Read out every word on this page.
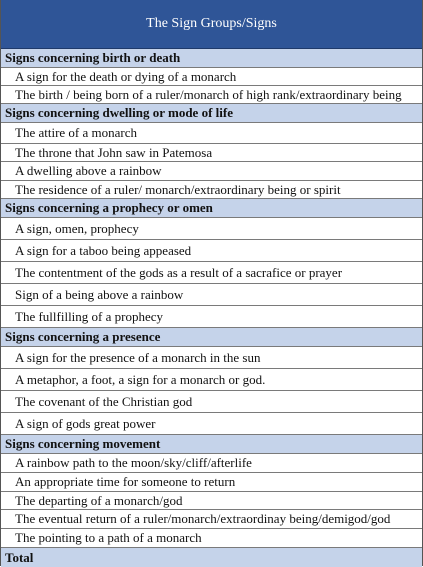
The Sign Groups/Signs
Signs concerning birth or death
A sign for the death or dying of a monarch
The birth / being born of a ruler/monarch of high rank/extraordinary being
Signs concerning dwelling or mode of life
The attire of a monarch
The throne that John saw in Patemosa
A dwelling above a rainbow
The residence of a ruler/ monarch/extraordinary being or spirit
Signs concerning a prophecy or omen
A sign, omen, prophecy
A sign for a taboo being appeased
The contentment of the gods as a result of a sacrafice or prayer
Sign of a being above a rainbow
The fullfilling of a prophecy
Signs concerning a presence
A sign for the presence of a monarch in the sun
A metaphor, a foot, a sign for a monarch or god.
The covenant of the Christian god
A sign of gods great power
Signs concerning movement
A rainbow path to the moon/sky/cliff/afterlife
An appropriate time for someone to return
The departing of a monarch/god
The eventual return of a ruler/monarch/extraordinay being/demigod/god
The pointing to a path of a monarch
Total
